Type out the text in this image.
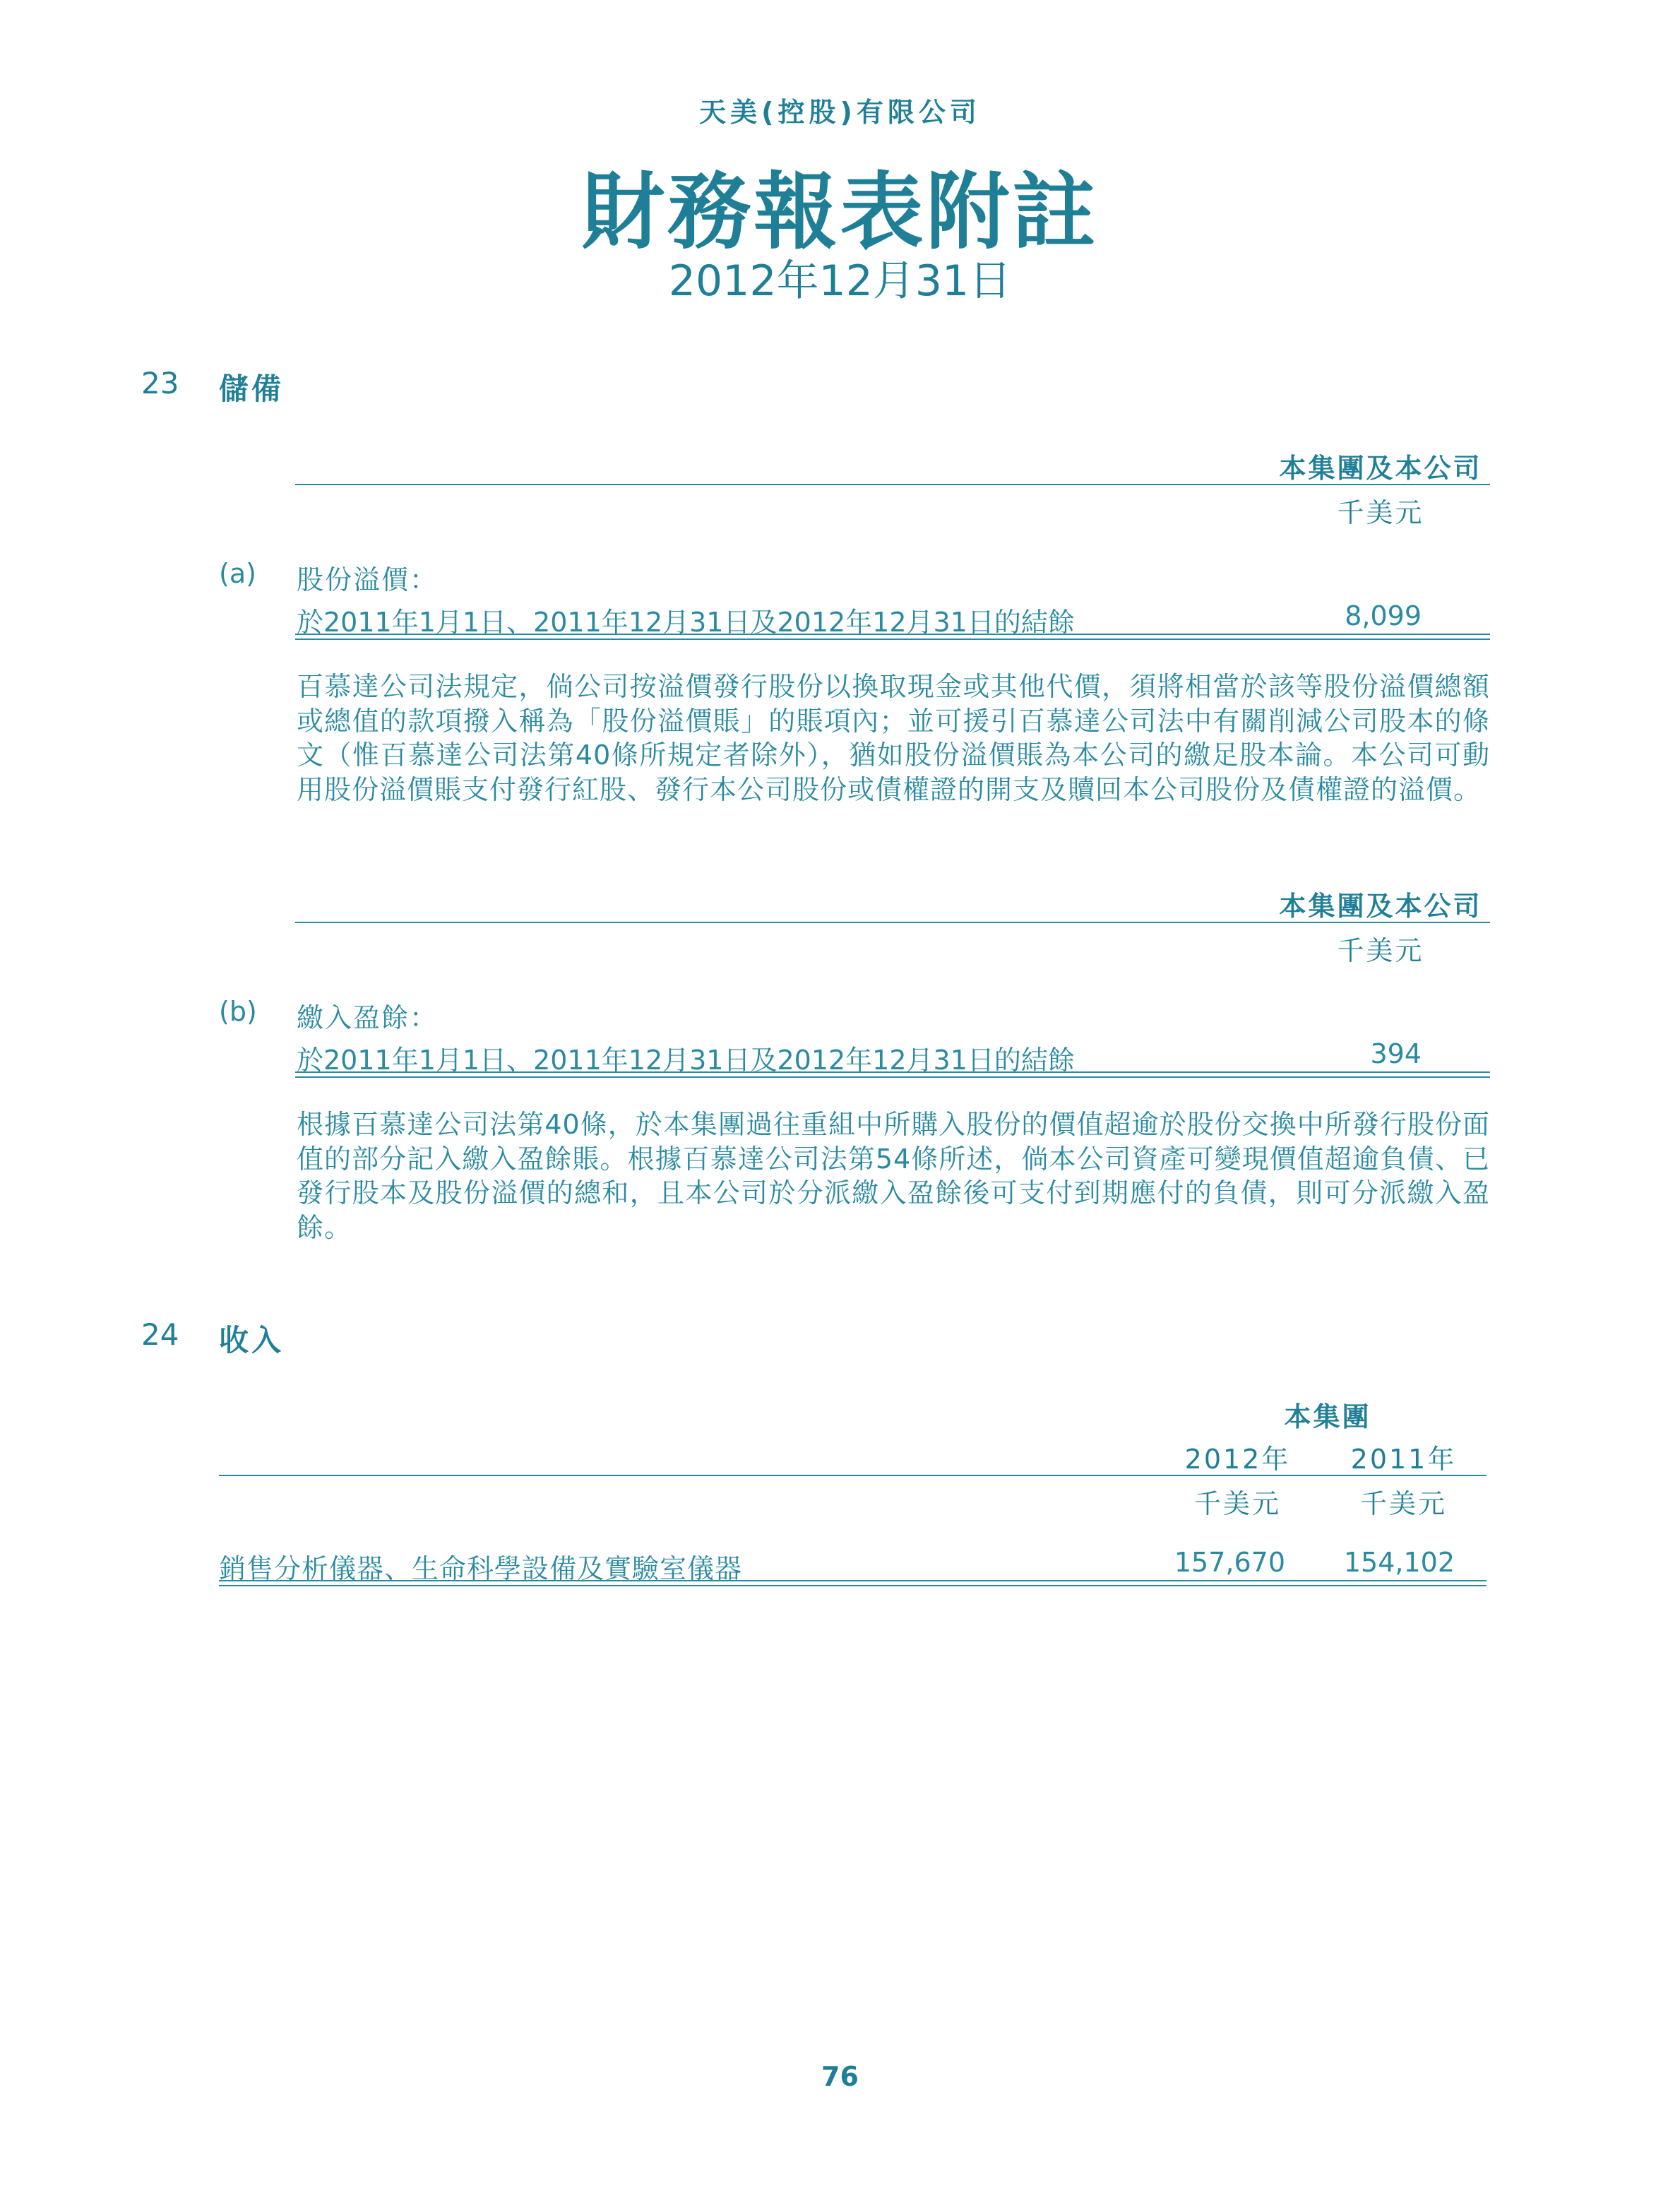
天美(控股)有限公司
財務報表附註
2012年12月31日
23 儲備
本集團及本公司
千美元
(a) 股份溢價：
於2011年1月1日、2011年12月31日及2012年12月31日的結餘	8,099
百慕達公司法規定，倘公司按溢價發行股份以換取現金或其他代價，須將相當於該等股份溢價總額或總值的款項撥入稱為「股份溢價賬」的賬項內；並可援引百慕達公司法中有關削減公司股本的條文（惟百慕達公司法第40條所規定者除外），猶如股份溢價賬為本公司的繳足股本論。本公司可動用股份溢價賬支付發行紅股、發行本公司股份或債權證的開支及贖回本公司股份及債權證的溢價。
本集團及本公司
千美元
(b) 繳入盈餘：
於2011年1月1日、2011年12月31日及2012年12月31日的結餘	394
根據百慕達公司法第40條，於本集團過往重組中所購入股份的價值超逾於股份交換中所發行股份面值的部分記入繳入盈餘賬。根據百慕達公司法第54條所述，倘本公司資產可變現價值超逾負債、已發行股本及股份溢價的總和，且本公司於分派繳入盈餘後可支付到期應付的負債，則可分派繳入盈餘。
24 收入
本集團
2012年	2011年
千美元	千美元
銷售分析儀器、生命科學設備及實驗室儀器	157,670	154,102
76
